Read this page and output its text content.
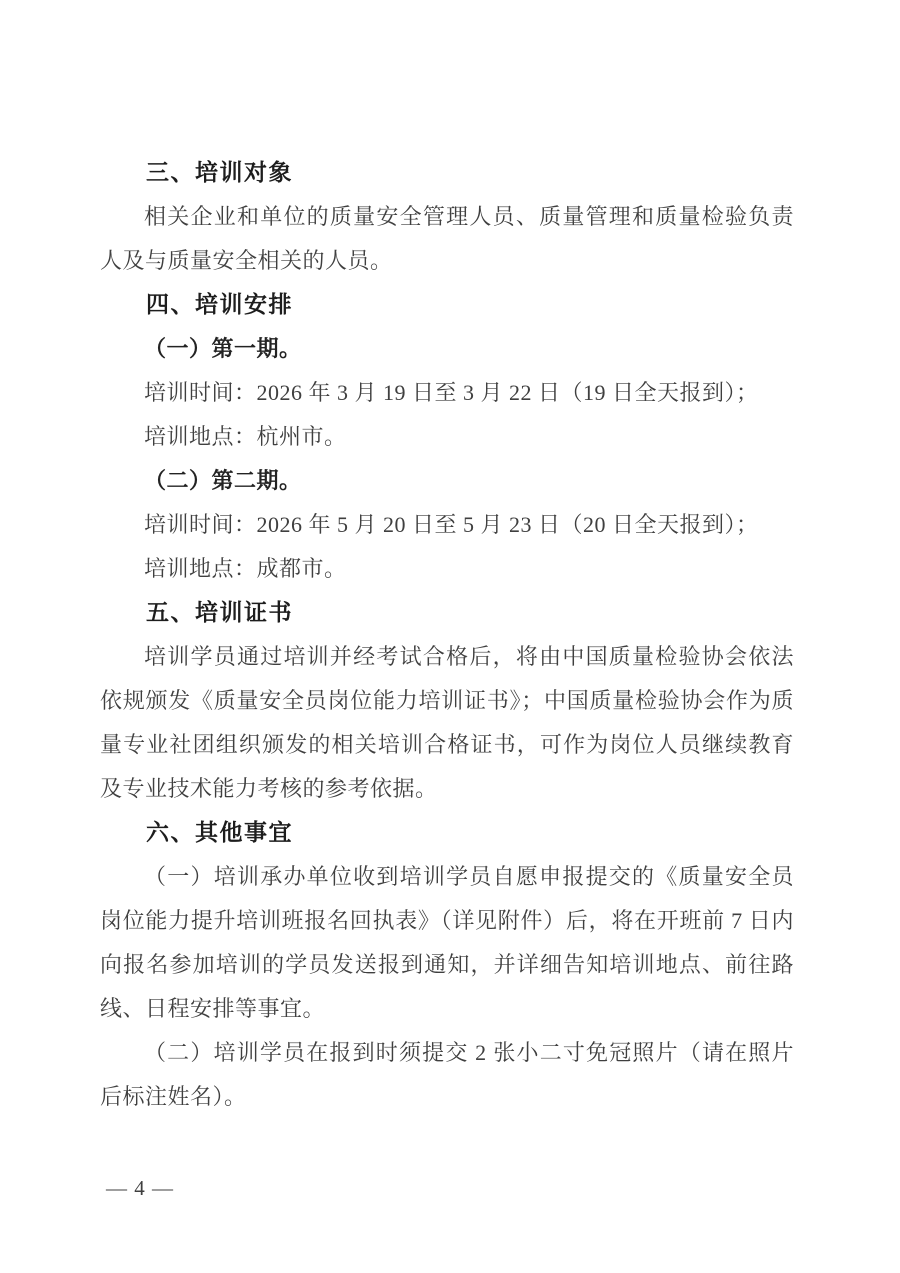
三、培训对象

相关企业和单位的质量安全管理人员、质量管理和质量检验负责人及与质量安全相关的人员。

四、培训安排

（一）第一期。

培训时间：2026 年 3 月 19 日至 3 月 22 日（19 日全天报到）；

培训地点：杭州市。

（二）第二期。

培训时间：2026 年 5 月 20 日至 5 月 23 日（20 日全天报到）；

培训地点：成都市。

五、培训证书

培训学员通过培训并经考试合格后，将由中国质量检验协会依法依规颁发《质量安全员岗位能力培训证书》；中国质量检验协会作为质量专业社团组织颁发的相关培训合格证书，可作为岗位人员继续教育及专业技术能力考核的参考依据。

六、其他事宜

（一）培训承办单位收到培训学员自愿申报提交的《质量安全员岗位能力提升培训班报名回执表》（详见附件）后，将在开班前 7 日内向报名参加培训的学员发送报到通知，并详细告知培训地点、前往路线、日程安排等事宜。

（二）培训学员在报到时须提交 2 张小二寸免冠照片（请在照片后标注姓名）。

— 4 —
